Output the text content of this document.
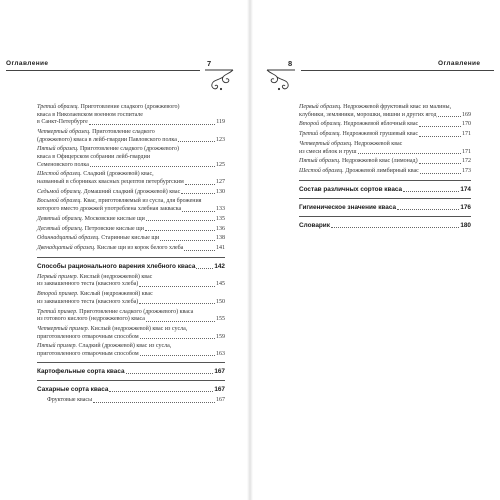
Оглавление	7
Третий образец. Приготовление сладкого (дрожжевого)
кваса в Николаевском военном госпитале
в Санкт-Петербурге	119
Четвертый образец. Приготовление сладкого
(дрожжевого) кваса в лейб-гвардии Павловского полка	123
Пятый образец. Приготовление сладкого (дрожжевого)
кваса в Офицерском собрании лейб-гвардии
Семеновского полка	125
Шестой образец. Сладкий (дрожжевой) квас,
названный в сборниках квасных рецептов петербургским	127
Седьмой образец. Домашний сладкий (дрожжевой) квас	130
Восьмой образец. Квас, приготовляемый из сусла, для брожения
которого вместо дрожжей употреблена хлебная закваска	133
Девятый образец. Московские кислые щи	135
Десятый образец. Петровские кислые щи	136
Одиннадцатый образец. Старинные кислые щи	138
Двенадцатый образец. Кислые щи из корок белого хлеба	141
Способы рационального варения хлебного кваса	142
Первый пример. Кислый (недрожжевой) квас
из заквашенного теста (квасного хлеба)	145
Второй пример. Кислый (недрожжевой) квас
из заквашенного теста (квасного хлеба)	150
Третий пример. Приготовление сладкого (дрожжевого) кваса
из готового кислого (недрожжевого) кваса	155
Четвертый пример. Кислый (недрожжевой) квас из сусла,
приготовленного отварочным способом	159
Пятый пример. Сладкий (дрожжевой) квас из сусла,
приготовленного отварочным способом	163
Картофельные сорта кваса	167
Сахарные сорта кваса	167
Фруктовые квасы	167
8	Оглавление
Первый образец. Недрожжевой фруктовый квас из малины,
клубники, земляники, морошки, вишни и других ягод	169
Второй образец. Недрожжевой яблочный квас	170
Третий образец. Недрожжевой грушевый квас	171
Четвертый образец. Недрожжевой квас
из смеси яблок и груш	171
Пятый образец. Недрожжевой квас (лимонад)	172
Шестой образец. Дрожжевой лимбирный квас	173
Состав различных сортов кваса	174
Гигиеническое значение кваса	176
Словарик	180
